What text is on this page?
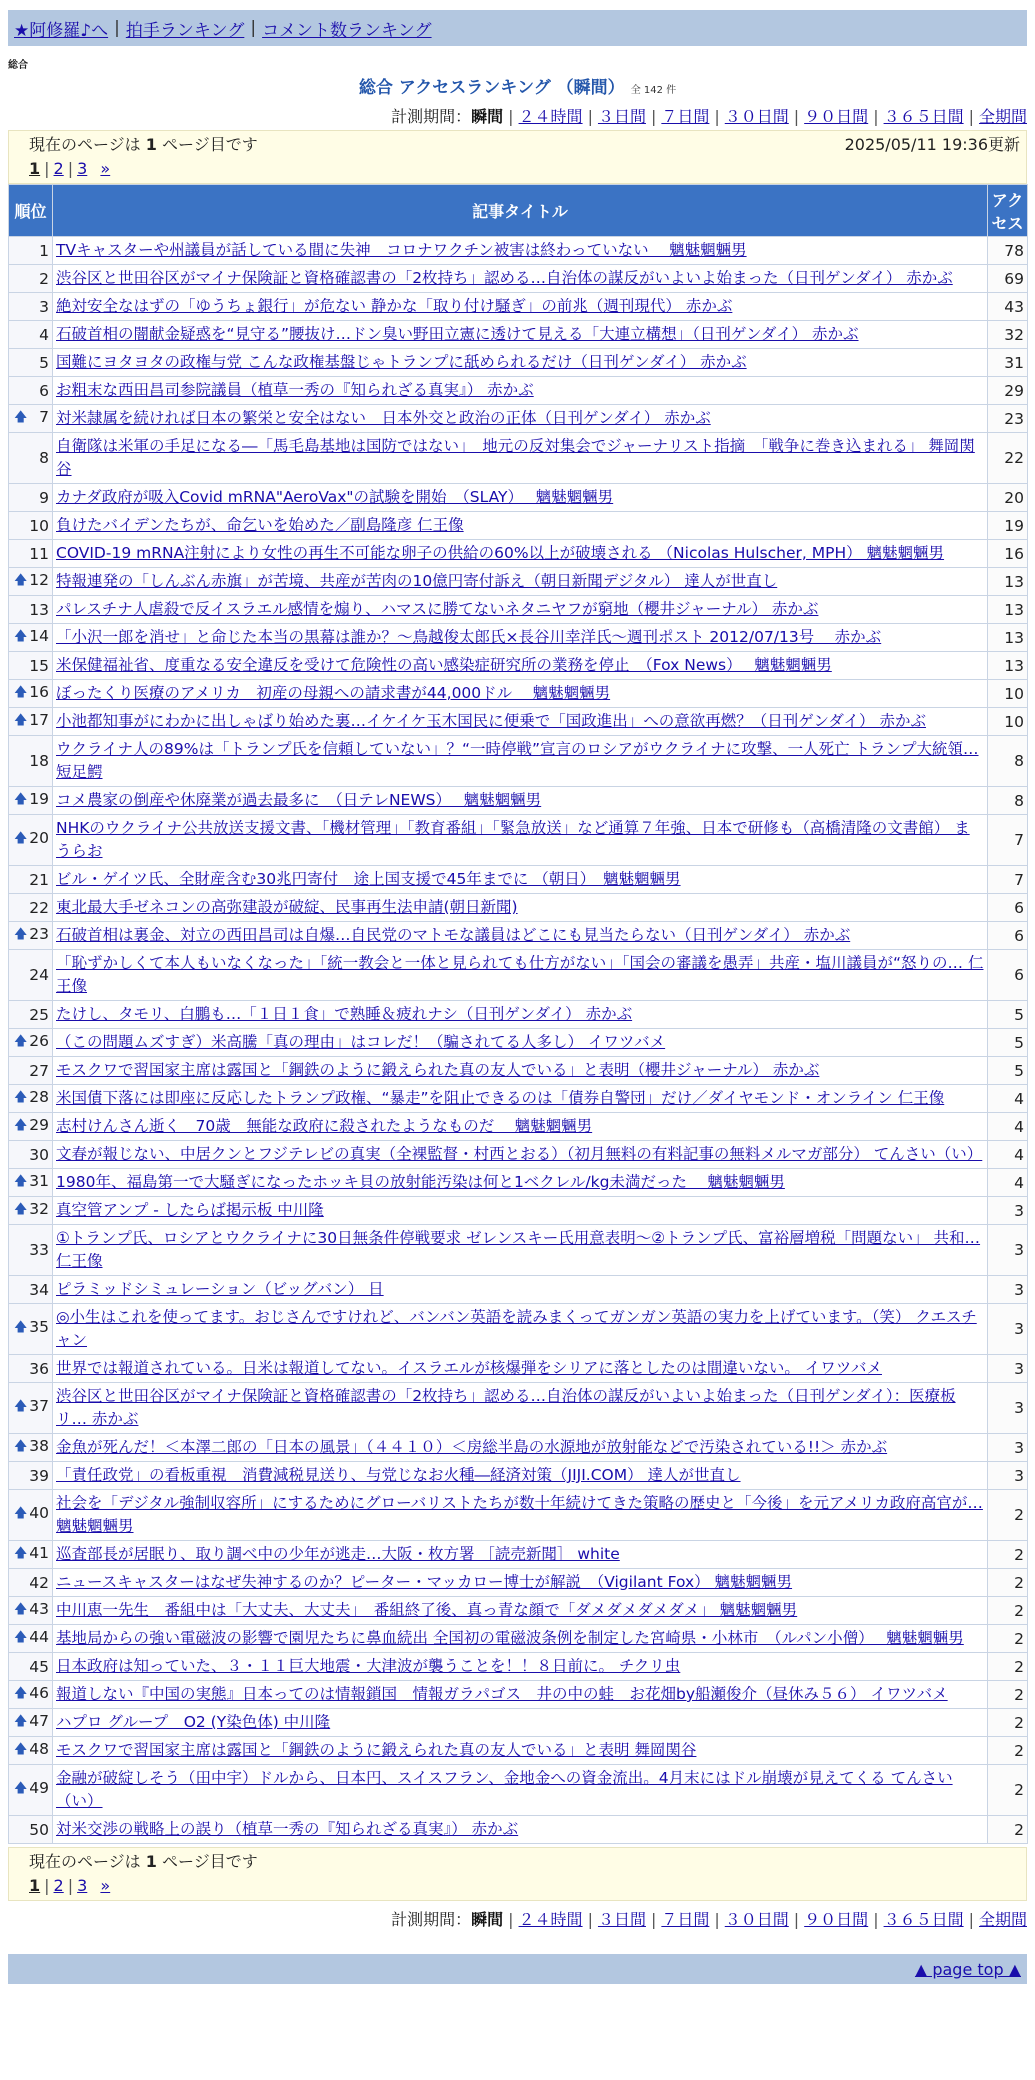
★阿修羅♪へ | 拍手ランキング | コメント数ランキング
総合
総合 アクセスランキング （瞬間） 全 142 件
計測期間：瞬間 | ２４時間 | ３日間 | ７日間 | ３０日間 | ９０日間 | ３６５日間 | 全期間
現在のページは 1 ページ目です	2025/05/11 19:36更新
1 | 2 | 3 »
順位	記事タイトル	アクセス
1	TVキャスターや州議員が話している間に失神　コロナワクチン被害は終わっていない　 魑魅魍魎男	78
2	渋谷区と世田谷区がマイナ保険証と資格確認書の「2枚持ち」認める…自治体の謀反がいよいよ始まった（日刊ゲンダイ） 赤かぶ	69
3	絶対安全なはずの「ゆうちょ銀行」が危ない 静かな「取り付け騒ぎ」の前兆（週刊現代） 赤かぶ	43
4	石破首相の闇献金疑惑を“見守る”腰抜け…ドン臭い野田立憲に透けて見える「大連立構想」（日刊ゲンダイ） 赤かぶ	32
5	国難にヨタヨタの政権与党 こんな政権基盤じゃトランプに舐められるだけ（日刊ゲンダイ） 赤かぶ	31
6	お粗末な西田昌司参院議員（植草一秀の『知られざる真実』） 赤かぶ	29

🡅 7	対米隷属を続ければ日本の繁栄と安全はない　日本外交と政治の正体（日刊ゲンダイ） 赤かぶ	23
8	自衛隊は米軍の手足になる―「馬毛島基地は国防ではない」　地元の反対集会でジャーナリスト指摘　「戦争に巻き込まれる」 舞岡関谷	22
9	カナダ政府が吸入Covid mRNA"AeroVax"の試験を開始　（SLAY）　 魑魅魍魎男	20
10	負けたバイデンたちが、命乞いを始めた／副島隆彦 仁王像	19
11	COVID-19 mRNA注射により女性の再生不可能な卵子の供給の60%以上が破壊される （Nicolas Hulscher, MPH） 魑魅魍魎男	16

🡅 12	特報連発の「しんぶん赤旗」が苦境、共産が苦肉の10億円寄付訴え（朝日新聞デジタル） 達人が世直し	13
13	パレスチナ人虐殺で反イスラエル感情を煽り、ハマスに勝てないネタニヤフが窮地（櫻井ジャーナル） 赤かぶ	13

🡅 14	「小沢一郎を消せ」と命じた本当の黒幕は誰か？～鳥越俊太郎氏×長谷川幸洋氏～週刊ポスト 2012/07/13号　 赤かぶ	13
15	米保健福祉省、度重なる安全違反を受けて危険性の高い感染症研究所の業務を停止　（Fox News）　 魑魅魍魎男	13

🡅 16	ぼったくり医療のアメリカ　初産の母親への請求書が44,000ドル　 魑魅魍魎男	10

🡅 17	小池都知事がにわかに出しゃばり始めた裏…イケイケ玉木国民に便乗で「国政進出」への意欲再燃？（日刊ゲンダイ） 赤かぶ	10
18	ウクライナ人の89%は「トランプ氏を信頼していない」？“一時停戦”宣言のロシアがウクライナに攻撃、一人死亡 トランプ大統領… 短足鰐	8

🡅 19	コメ農家の倒産や休廃業が過去最多に　（日テレNEWS）　 魑魅魍魎男	8

🡅 20	NHKのウクライナ公共放送支援文書、「機材管理」「教育番組」「緊急放送」など通算７年強、日本で研修も（高橋清隆の文書館） まうらお	7
21	ビル・ゲイツ氏、全財産含む30兆円寄付　途上国支援で45年までに （朝日）　魑魅魍魎男	7
22	東北最大手ゼネコンの高弥建設が破綻、民事再生法申請(朝日新聞)	6

🡅 23	石破首相は裏金、対立の西田昌司は自爆…自民党のマトモな議員はどこにも見当たらない（日刊ゲンダイ） 赤かぶ	6
24	「恥ずかしくて本人もいなくなった」「統一教会と一体と見られても仕方がない」「国会の審議を愚弄」共産・塩川議員が“怒りの… 仁王像	6
25	たけし、タモリ、白鵬も…「１日１食」で熟睡＆疲れナシ（日刊ゲンダイ） 赤かぶ	5

🡅 26	（この問題ムズすぎ）米高騰「真の理由」はコレだ！（騙されてる人多し） イワツバメ	5
27	モスクワで習国家主席は露国と「鋼鉄のように鍛えられた真の友人でいる」と表明（櫻井ジャーナル） 赤かぶ	5

🡅 28	米国債下落には即座に反応したトランプ政権、“暴走”を阻止できるのは「債券自警団」だけ／ダイヤモンド・オンライン 仁王像	4

🡅 29	志村けんさん逝く　70歳　無能な政府に殺されたようなものだ　 魑魅魍魎男	4
30	文春が報じない、中居クンとフジテレビの真実（全裸監督・村西とおる）（初月無料の有料記事の無料メルマガ部分） てんさい（い）	4

🡅 31	1980年、福島第一で大騒ぎになったホッキ貝の放射能汚染は何と1ベクレル/kg未満だった　 魑魅魍魎男	4

🡅 32	真空管アンプ - したらば掲示板 中川隆	3
33	①トランプ氏、ロシアとウクライナに30日無条件停戦要求 ゼレンスキー氏用意表明～②トランプ氏、富裕層増税「問題ない」 共和… 仁王像	3
34	ピラミッドシミュレーション（ビッグバン） 日	3

🡅 35	◎小生はこれを使ってます。おじさんですけれど、バンバン英語を読みまくってガンガン英語の実力を上げています。（笑） クエスチャン	3
36	世界では報道されている。日米は報道してない。イスラエルが核爆弾をシリアに落としたのは間違いない。 イワツバメ	3

🡅 37	渋谷区と世田谷区がマイナ保険証と資格確認書の「2枚持ち」認める…自治体の謀反がいよいよ始まった（日刊ゲンダイ）：医療板リ… 赤かぶ	3

🡅 38	金魚が死んだ！＜本澤二郎の「日本の風景」（４４１０）＜房総半島の水源地が放射能などで汚染されている!!＞ 赤かぶ	3
39	「責任政党」の看板重視　消費減税見送り、与党じなお火種―経済対策（JIJI.COM） 達人が世直し	3

🡅 40	社会を「デジタル強制収容所」にするためにグローバリストたちが数十年続けてきた策略の歴史と「今後」を元アメリカ政府高官が… 魑魅魍魎男	2

🡅 41	巡査部長が居眠り、取り調べ中の少年が逃走…大阪・枚方署 ［読売新聞］ white	2
42	ニュースキャスターはなぜ失神するのか？ピーター・マッカロー博士が解説　（Vigilant Fox） 魑魅魍魎男	2

🡅 43	中川恵一先生　番組中は「大丈夫、大丈夫」　番組終了後、真っ青な顔で「ダメダメダメダメ」 魑魅魍魎男	2

🡅 44	基地局からの強い電磁波の影響で園児たちに鼻血続出 全国初の電磁波条例を制定した宮崎県・小林市　（ルパン小僧）　 魑魅魍魎男	2
45	日本政府は知っていた、３・１１巨大地震・大津波が襲うことを！！８日前に。 チクリ虫	2

🡅 46	報道しない『中国の実態』日本ってのは情報鎖国　情報ガラパゴス　井の中の蛙　お花畑by船瀬俊介（昼休み５６） イワツバメ	2

🡅 47	ハプロ グループ　O2 (Y染色体) 中川隆	2

🡅 48	モスクワで習国家主席は露国と「鋼鉄のように鍛えられた真の友人でいる」と表明 舞岡関谷	2

🡅 49	金融が破綻しそう（田中宇）ドルから、日本円、スイスフラン、金地金への資金流出。4月末にはドル崩壊が見えてくる てんさい（い）	2
50	対米交渉の戦略上の誤り（植草一秀の『知られざる真実』） 赤かぶ	2
現在のページは 1 ページ目です
1 | 2 | 3 »
計測期間：瞬間 | ２４時間 | ３日間 | ７日間 | ３０日間 | ９０日間 | ３６５日間 | 全期間
▲ page top ▲
